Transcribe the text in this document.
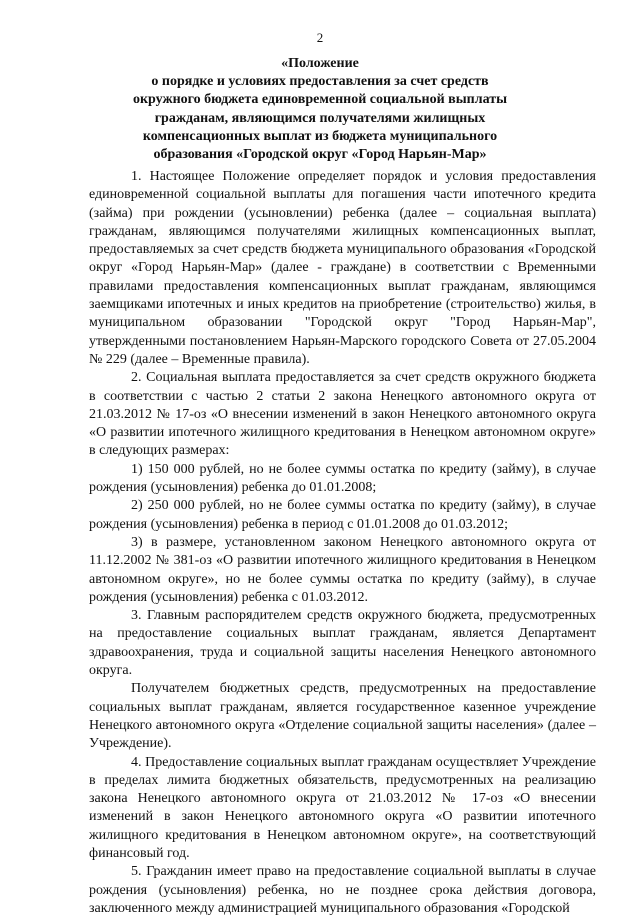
2
«Положение
о порядке и условиях предоставления за счет средств
окружного бюджета единовременной социальной выплаты
гражданам, являющимся получателями жилищных
компенсационных выплат из бюджета муниципального
образования «Городской округ «Город Нарьян-Мар»

1. Настоящее Положение определяет порядок и условия предоставления единовременной социальной выплаты для погашения части ипотечного кредита (займа) при рождении (усыновлении) ребенка (далее – социальная выплата) гражданам, являющимся получателями жилищных компенсационных выплат, предоставляемых за счет средств бюджета муниципального образования «Городской округ «Город Нарьян-Мар» (далее - граждане) в соответствии с Временными правилами предоставления компенсационных выплат гражданам, являющимся заемщиками ипотечных и иных кредитов на приобретение (строительство) жилья, в муниципальном образовании "Городской округ "Город Нарьян-Мар", утвержденными постановлением Нарьян-Марского городского Совета от 27.05.2004 № 229 (далее – Временные правила).

2. Социальная выплата предоставляется за счет средств окружного бюджета в соответствии с частью 2 статьи 2 закона Ненецкого автономного округа от 21.03.2012 № 17-оз «О внесении изменений в закон Ненецкого автономного округа «О развитии ипотечного жилищного кредитования в Ненецком автономном округе» в следующих размерах:

1) 150 000 рублей, но не более суммы остатка по кредиту (займу), в случае рождения (усыновления) ребенка до 01.01.2008;

2) 250 000 рублей, но не более суммы остатка по кредиту (займу), в случае рождения (усыновления) ребенка в период с 01.01.2008 до 01.03.2012;

3) в размере, установленном законом Ненецкого автономного округа от 11.12.2002 № 381-оз «О развитии ипотечного жилищного кредитования в Ненецком автономном округе», но не более суммы остатка по кредиту (займу), в случае рождения (усыновления) ребенка с 01.03.2012.

3. Главным распорядителем средств окружного бюджета, предусмотренных на предоставление социальных выплат гражданам, является Департамент здравоохранения, труда и социальной защиты населения Ненецкого автономного округа.

Получателем бюджетных средств, предусмотренных на предоставление социальных выплат гражданам, является государственное казенное учреждение Ненецкого автономного округа «Отделение социальной защиты населения» (далее – Учреждение).

4. Предоставление социальных выплат гражданам осуществляет Учреждение в пределах лимита бюджетных обязательств, предусмотренных на реализацию закона Ненецкого автономного округа от 21.03.2012 № 17-оз «О внесении изменений в закон Ненецкого автономного округа «О развитии ипотечного жилищного кредитования в Ненецком автономном округе», на соответствующий финансовый год.

5. Гражданин имеет право на предоставление социальной выплаты в случае рождения (усыновления) ребенка, но не позднее срока действия договора, заключенного между администрацией муниципального образования «Городской
